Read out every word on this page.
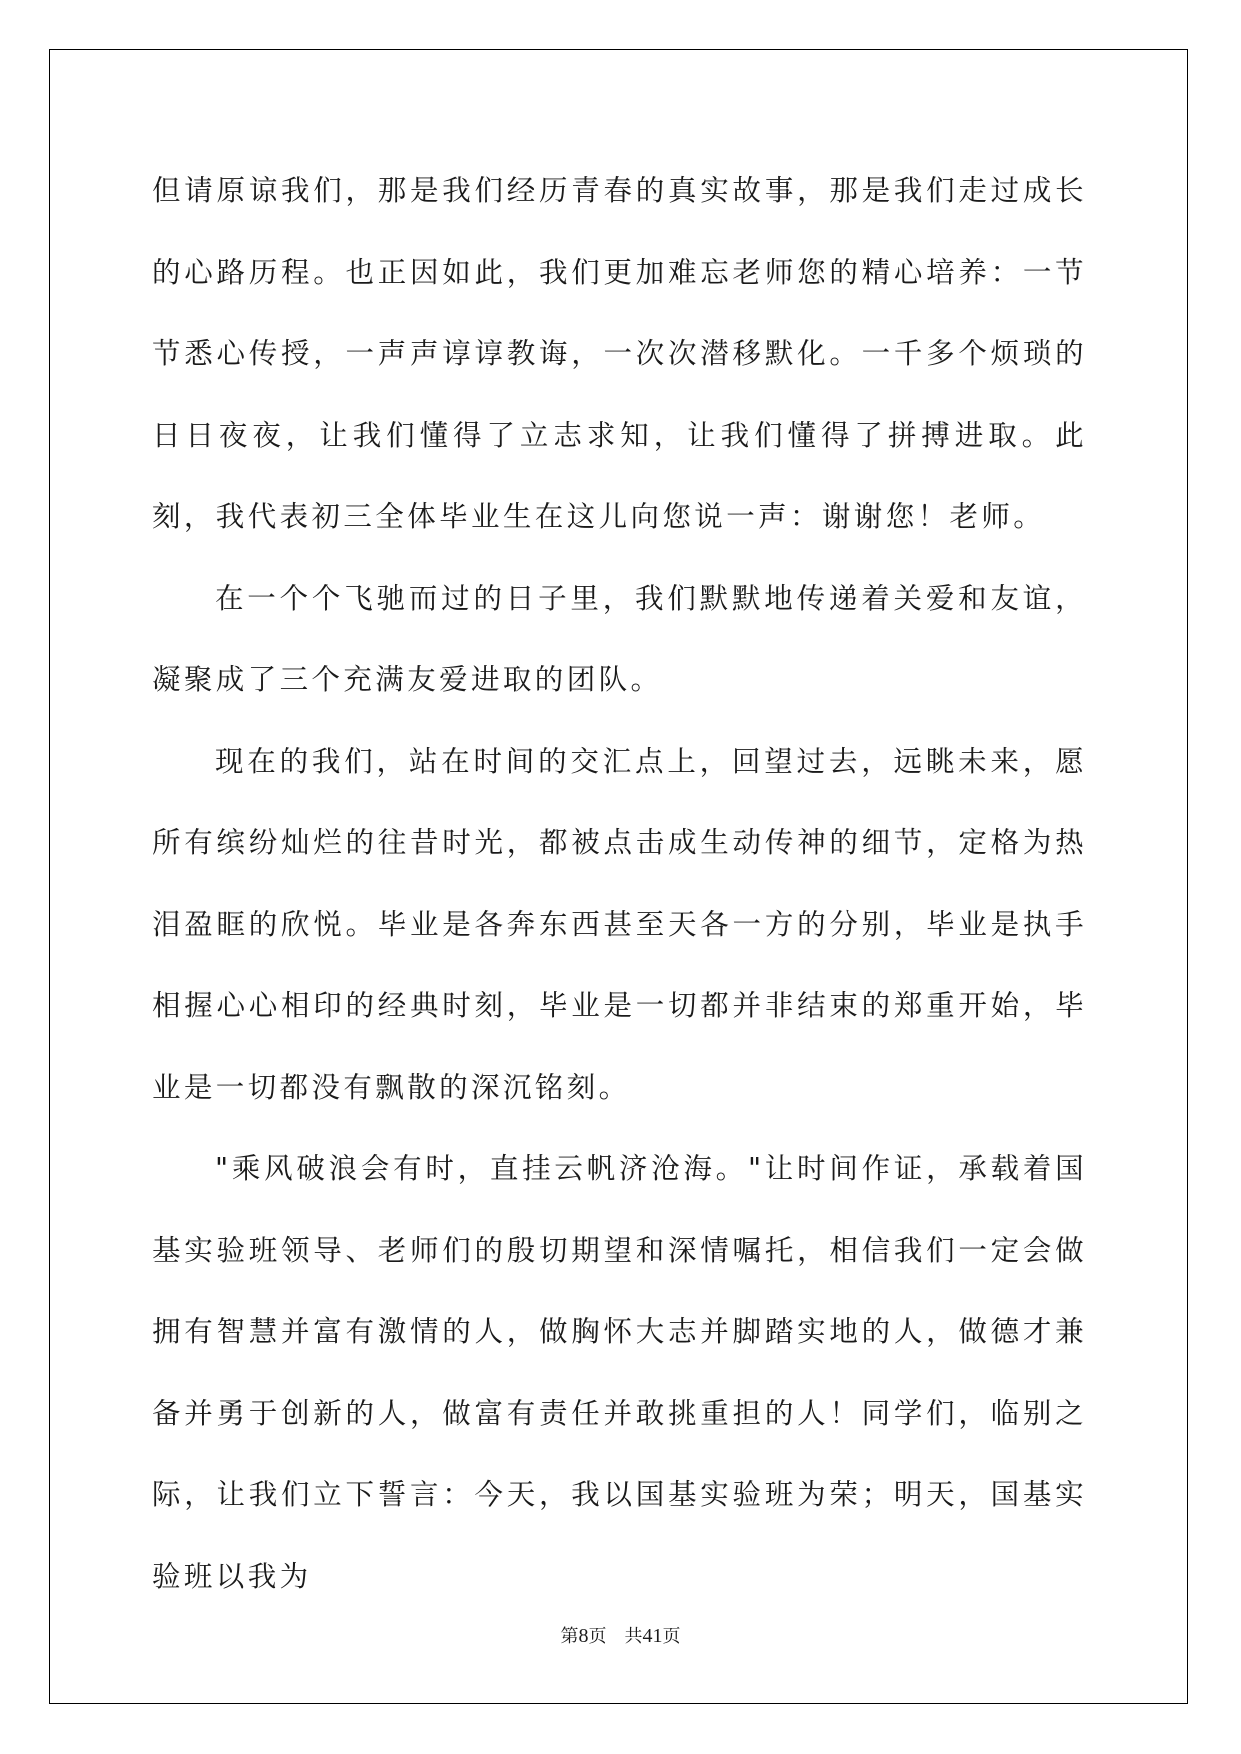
但请原谅我们，那是我们经历青春的真实故事，那是我们走过成长的心路历程。也正因如此，我们更加难忘老师您的精心培养：一节节悉心传授，一声声谆谆教诲，一次次潜移默化。一千多个烦琐的日日夜夜，让我们懂得了立志求知，让我们懂得了拼搏进取。此刻，我代表初三全体毕业生在这儿向您说一声：谢谢您！老师。

在一个个飞驰而过的日子里，我们默默地传递着关爱和友谊，凝聚成了三个充满友爱进取的团队。

现在的我们，站在时间的交汇点上，回望过去，远眺未来，愿所有缤纷灿烂的往昔时光，都被点击成生动传神的细节，定格为热泪盈眶的欣悦。毕业是各奔东西甚至天各一方的分别，毕业是执手相握心心相印的经典时刻，毕业是一切都并非结束的郑重开始，毕业是一切都没有飘散的深沉铭刻。

"乘风破浪会有时，直挂云帆济沧海。"让时间作证，承载着国基实验班领导、老师们的殷切期望和深情嘱托，相信我们一定会做拥有智慧并富有激情的人，做胸怀大志并脚踏实地的人，做德才兼备并勇于创新的人，做富有责任并敢挑重担的人！同学们，临别之际，让我们立下誓言：今天，我以国基实验班为荣；明天，国基实验班以我为

第8页 共41页
